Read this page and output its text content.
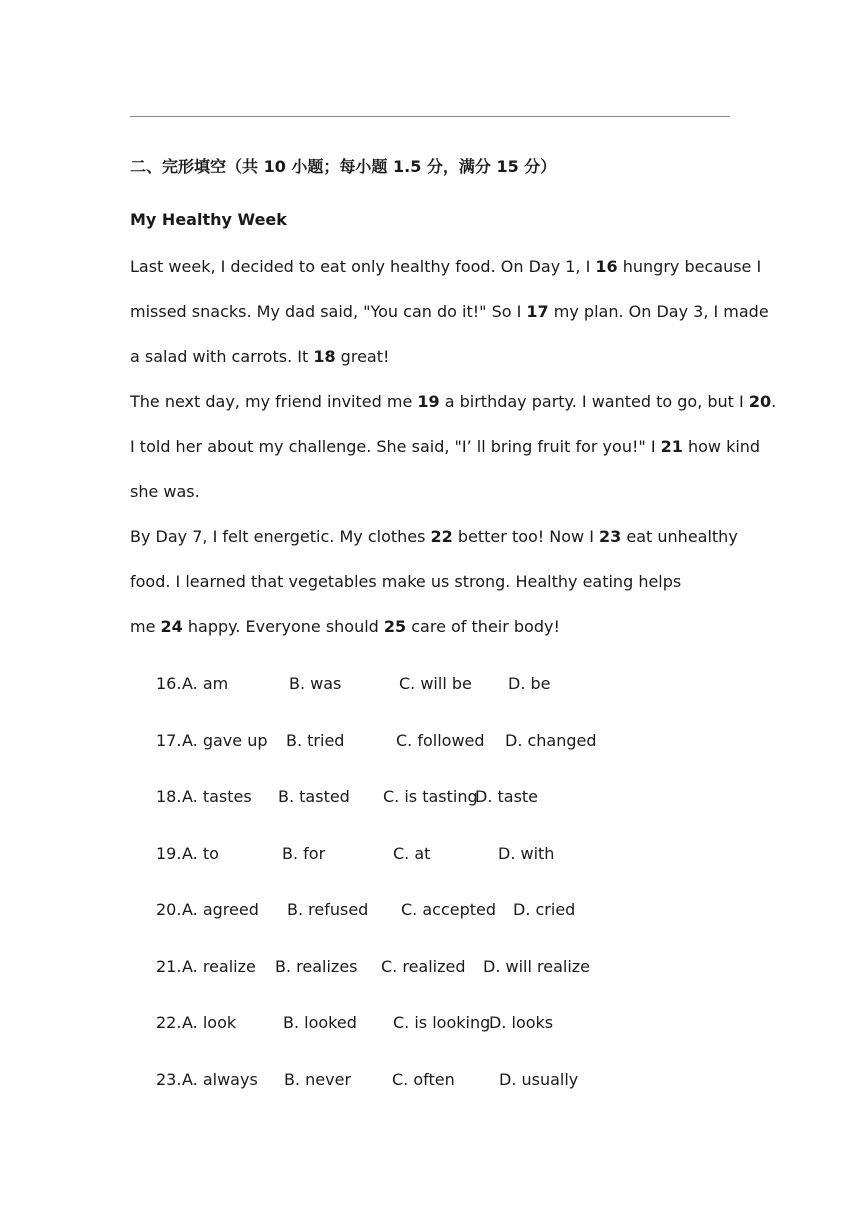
二、完形填空（共 10 小题；每小题 1.5 分，满分 15 分）
My Healthy Week
Last week, I decided to eat only healthy food. On Day 1, I 16 hungry because I
missed snacks. My dad said, "You can do it!" So I 17 my plan. On Day 3, I made
a salad with carrots. It 18 great!
The next day, my friend invited me 19 a birthday party. I wanted to go, but I 20.
I told her about my challenge. She said, "I’ ll bring fruit for you!" I 21 how kind
she was.
By Day 7, I felt energetic. My clothes 22 better too! Now I 23 eat unhealthy
food. I learned that vegetables make us strong. Healthy eating helps
me 24 happy. Everyone should 25 care of their body!
16. A. am	B. was	C. will be D. be
17. A. gave up B. tried	C. followed D. changed
18. A. tastes B. tasted C. is tasting
D. taste
19. A. to	B. for	C. at	D. with
20. A. agreed B. refused C. accepted D. cried
21. A. realize B. realizes C. realized D. will realize
22. A. look	B. looked C. is looking
D. looks
23. A. always B. never	C. often	D. usually
